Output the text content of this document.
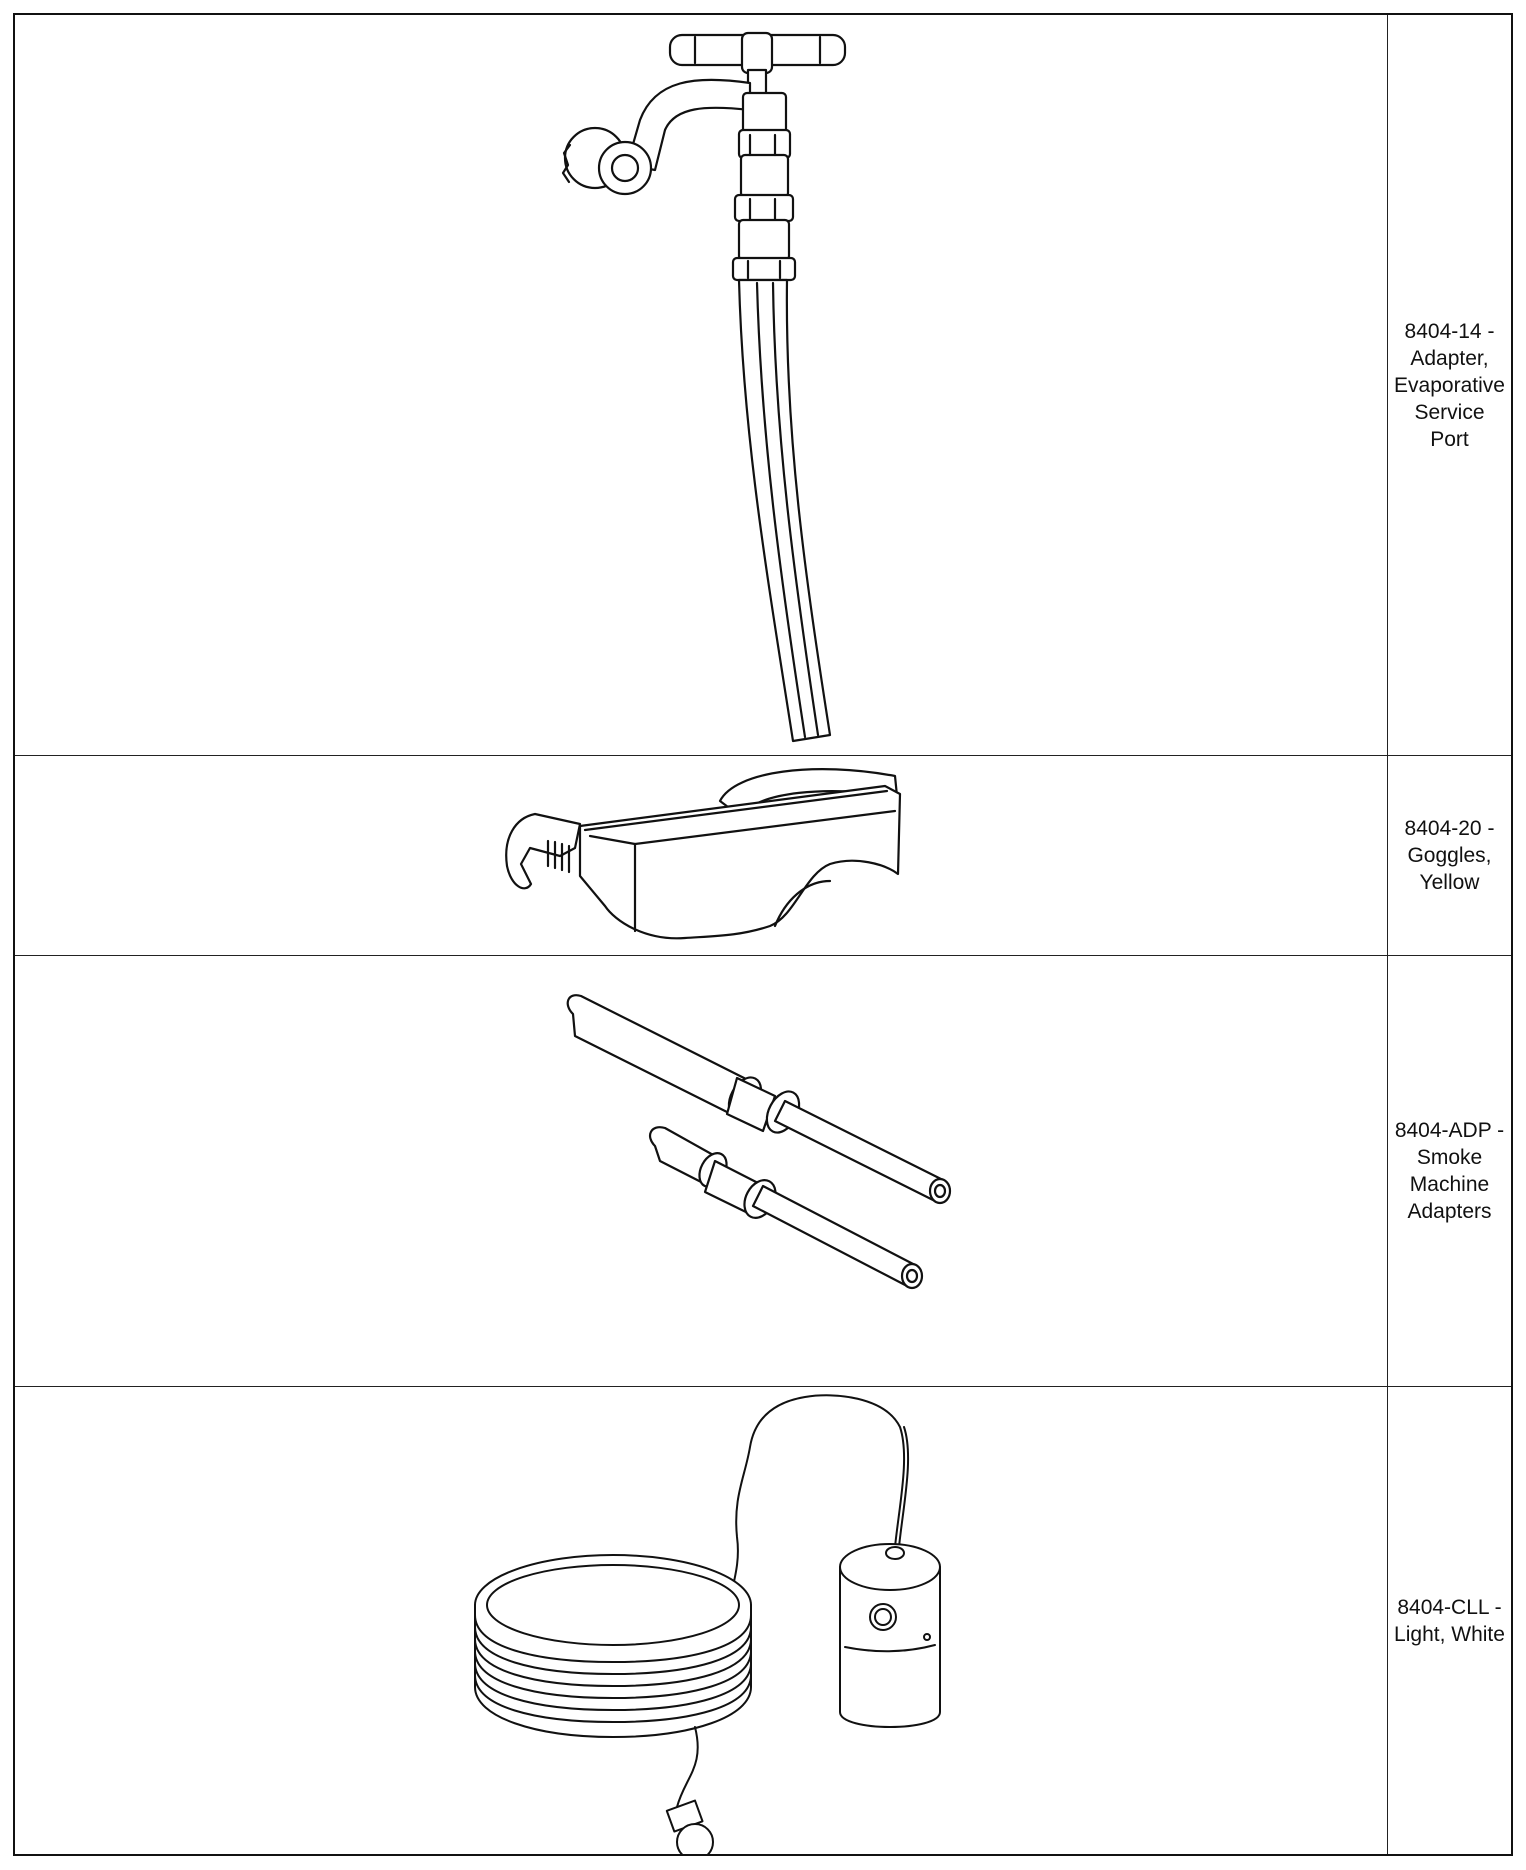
8404-14 -
Adapter,
Evaporative
Service
Port
8404-20 -
Goggles,
Yellow
8404-ADP -
Smoke
Machine
Adapters
8404-CLL -
Light, White
